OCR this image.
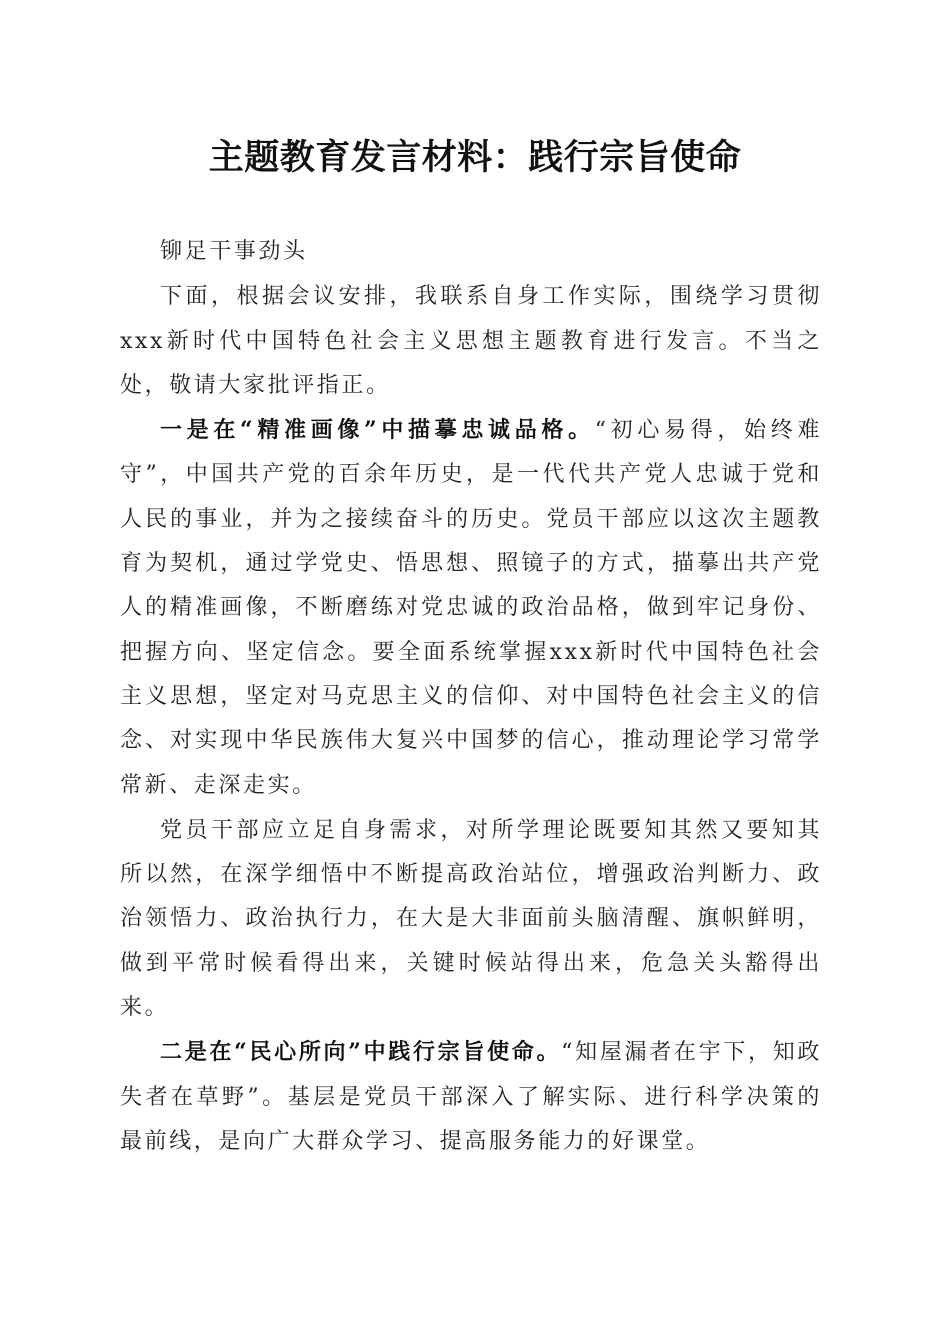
主题教育发言材料：践行宗旨使命

铆足干事劲头

下面，根据会议安排，我联系自身工作实际，围绕学习贯彻xxx新时代中国特色社会主义思想主题教育进行发言。不当之处，敬请大家批评指正。

一是在“精准画像”中描摹忠诚品格。“初心易得，始终难守”，中国共产党的百余年历史，是一代代共产党人忠诚于党和人民的事业，并为之接续奋斗的历史。党员干部应以这次主题教育为契机，通过学党史、悟思想、照镜子的方式，描摹出共产党人的精准画像，不断磨练对党忠诚的政治品格，做到牢记身份、把握方向、坚定信念。要全面系统掌握xxx新时代中国特色社会主义思想，坚定对马克思主义的信仰、对中国特色社会主义的信念、对实现中华民族伟大复兴中国梦的信心，推动理论学习常学常新、走深走实。

党员干部应立足自身需求，对所学理论既要知其然又要知其所以然，在深学细悟中不断提高政治站位，增强政治判断力、政治领悟力、政治执行力，在大是大非面前头脑清醒、旗帜鲜明，做到平常时候看得出来，关键时候站得出来，危急关头豁得出来。

二是在“民心所向”中践行宗旨使命。“知屋漏者在宇下，知政失者在草野”。基层是党员干部深入了解实际、进行科学决策的最前线，是向广大群众学习、提高服务能力的好课堂。
